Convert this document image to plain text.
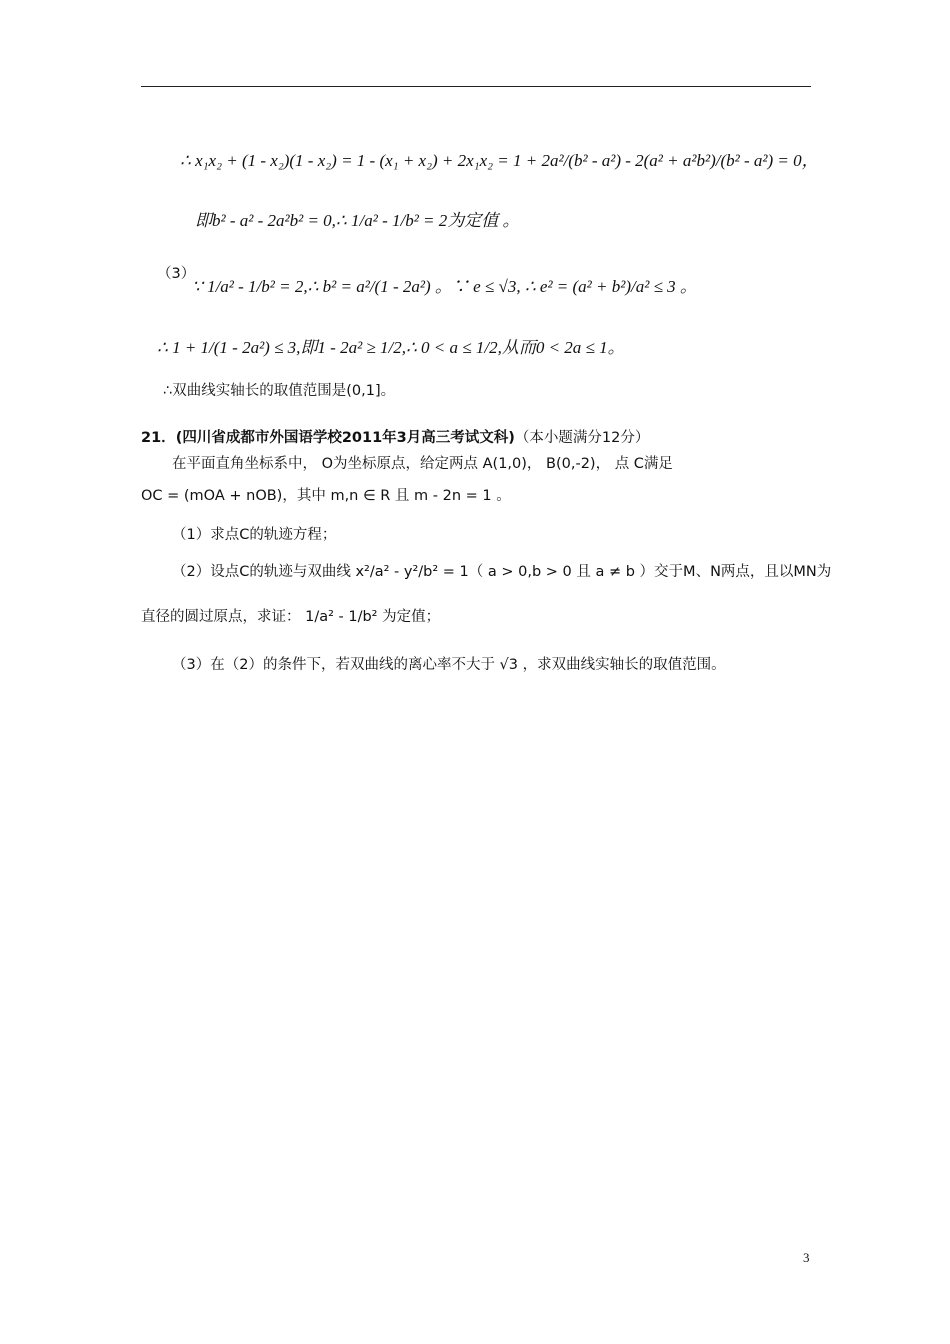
∴ x₁x₂ + (1 - x₂)(1 - x₂) = 1 - (x₁ + x₂) + 2x₁x₂ = 1 + 2a²/(b² - a²) - 2(a² + a²b²)/(b² - a²) = 0，
即b² - a² - 2a²b² = 0,∴ 1/a² - 1/b² = 2为定值 。
（3）
∵ 1/a² - 1/b² = 2,∴ b² = a²/(1 - 2a²) 。∵ e ≤ √3, ∴ e² = (a² + b²)/a² ≤ 3 。
∴ 1 + 1/(1 - 2a²) ≤ 3,即1 - 2a² ≥ 1/2,∴ 0 < a ≤ 1/2,从而0 < 2a ≤ 1。
∴双曲线实轴长的取值范围是(0,1]。
21．(四川省成都市外国语学校2011年3月高三考试文科)（本小题满分12分）
在平面直角坐标系中， O为坐标原点，给定两点 A(1,0)， B(0,-2)， 点 C满足
OC = (mOA + nOB)，其中 m,n ∈ R 且 m - 2n = 1 。
（1）求点C的轨迹方程；
（2）设点C的轨迹与双曲线 x²/a² - y²/b² = 1（ a > 0,b > 0 且 a ≠ b ）交于M、N两点，且以MN为
直径的圆过原点，求证： 1/a² - 1/b² 为定值；
（3）在（2）的条件下，若双曲线的离心率不大于 √3 ，求双曲线实轴长的取值范围。
3
